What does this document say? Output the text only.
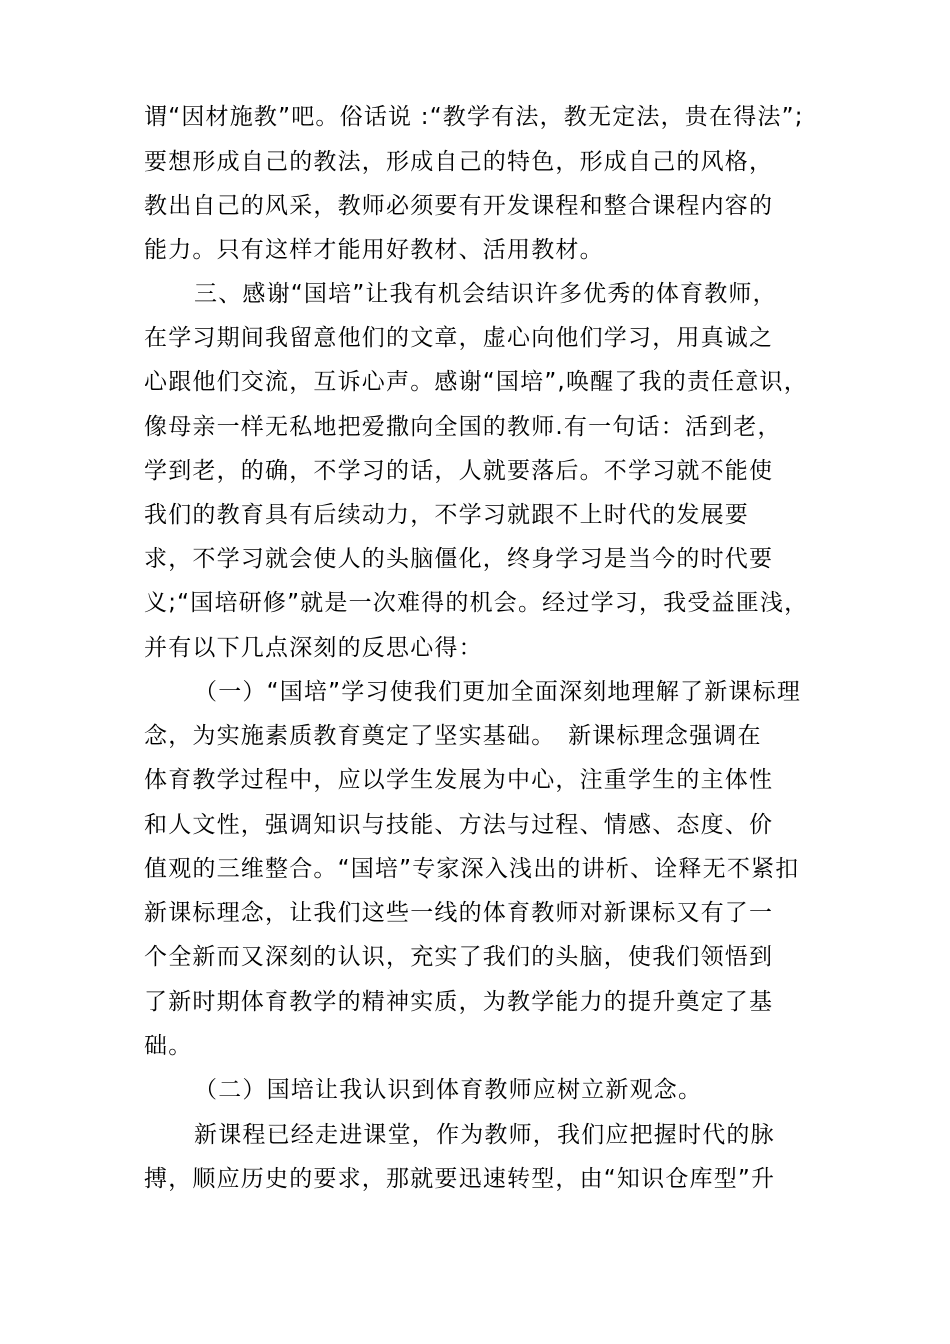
谓“因材施教”吧。俗话说 :“教学有法，教无定法，贵在得法”;
要想形成自己的教法，形成自己的特色，形成自己的风格，
教出自己的风采，教师必须要有开发课程和整合课程内容的
能力。只有这样才能用好教材、活用教材。
三、感谢“国培”让我有机会结识许多优秀的体育教师，
在学习期间我留意他们的文章，虚心向他们学习，用真诚之
心跟他们交流，互诉心声。感谢“国培”,唤醒了我的责任意识，
像母亲一样无私地把爱撒向全国的教师.有一句话：活到老，
学到老，的确，不学习的话，人就要落后。不学习就不能使
我们的教育具有后续动力，不学习就跟不上时代的发展要
求，不学习就会使人的头脑僵化，终身学习是当今的时代要
义;“国培研修”就是一次难得的机会。经过学习，我受益匪浅，
并有以下几点深刻的反思心得：
（一）“国培”学习使我们更加全面深刻地理解了新课标理
念，为实施素质教育奠定了坚实基础。　新课标理念强调在
体育教学过程中，应以学生发展为中心，注重学生的主体性
和人文性，强调知识与技能、方法与过程、情感、态度、价
值观的三维整合。“国培”专家深入浅出的讲析、诠释无不紧扣
新课标理念，让我们这些一线的体育教师对新课标又有了一
个全新而又深刻的认识，充实了我们的头脑，使我们领悟到
了新时期体育教学的精神实质，为教学能力的提升奠定了基
础。
（二）国培让我认识到体育教师应树立新观念。
新课程已经走进课堂，作为教师，我们应把握时代的脉
搏，顺应历史的要求，那就要迅速转型，由“知识仓库型”升
